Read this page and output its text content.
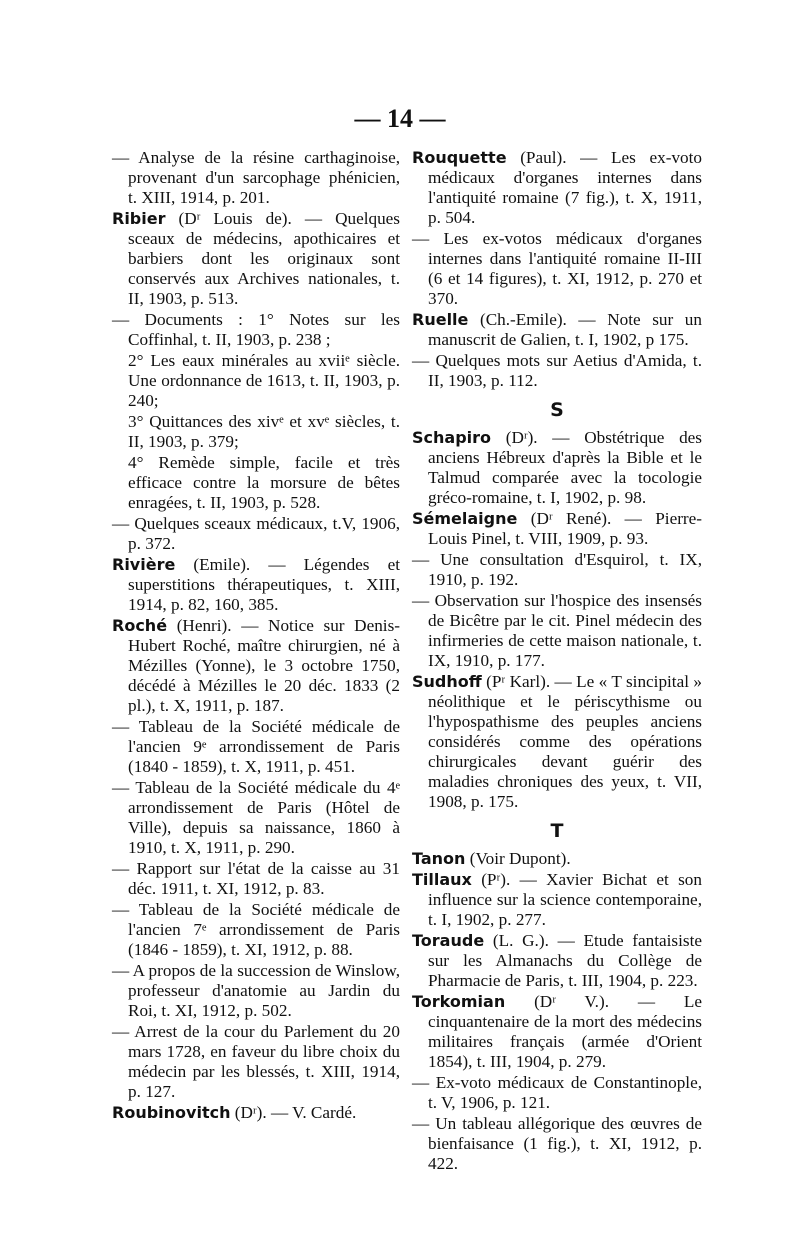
— 14 —

— Analyse de la résine carthaginoise, provenant d'un sarcophage phénicien, t. XIII, 1914, p. 201.

Ribier (Dʳ Louis de). — Quelques sceaux de médecins, apothicaires et barbiers dont les originaux sont conservés aux Archives nationales, t. II, 1903, p. 513.

— Documents : 1° Notes sur les Coffinhal, t. II, 1903, p. 238 ;

2° Les eaux minérales au xviiᵉ siècle. Une ordonnance de 1613, t. II, 1903, p. 240;

3° Quittances des xivᵉ et xvᵉ siècles, t. II, 1903, p. 379;

4° Remède simple, facile et très efficace contre la morsure de bêtes enragées, t. II, 1903, p. 528.

— Quelques sceaux médicaux, t.V, 1906, p. 372.

Rivière (Emile). — Légendes et superstitions thérapeutiques, t. XIII, 1914, p. 82, 160, 385.

Roché (Henri). — Notice sur Denis-Hubert Roché, maître chirurgien, né à Mézilles (Yonne), le 3 octobre 1750, décédé à Mézilles le 20 déc. 1833 (2 pl.), t. X, 1911, p. 187.

— Tableau de la Société médicale de l'ancien 9ᵉ arrondissement de Paris (1840 - 1859), t. X, 1911, p. 451.

— Tableau de la Société médicale du 4ᵉ arrondissement de Paris (Hôtel de Ville), depuis sa naissance, 1860 à 1910, t. X, 1911, p. 290.

— Rapport sur l'état de la caisse au 31 déc. 1911, t. XI, 1912, p. 83.

— Tableau de la Société médicale de l'ancien 7ᵉ arrondissement de Paris (1846 - 1859), t. XI, 1912, p. 88.

— A propos de la succession de Winslow, professeur d'anatomie au Jardin du Roi, t. XI, 1912, p. 502.

— Arrest de la cour du Parlement du 20 mars 1728, en faveur du libre choix du médecin par les blessés, t. XIII, 1914, p. 127.

Roubinovitch (Dʳ). — V. Cardé.

Rouquette (Paul). — Les ex-voto médicaux d'organes internes dans l'antiquité romaine (7 fig.), t. X, 1911, p. 504.

— Les ex-votos médicaux d'organes internes dans l'antiquité romaine II-III (6 et 14 figures), t. XI, 1912, p. 270 et 370.

Ruelle (Ch.-Emile). — Note sur un manuscrit de Galien, t. I, 1902, p 175.

— Quelques mots sur Aetius d'Amida, t. II, 1903, p. 112.

S

Schapiro (Dʳ). — Obstétrique des anciens Hébreux d'après la Bible et le Talmud comparée avec la tocologie gréco-romaine, t. I, 1902, p. 98.

Sémelaigne (Dʳ René). — Pierre-Louis Pinel, t. VIII, 1909, p. 93.

— Une consultation d'Esquirol, t. IX, 1910, p. 192.

— Observation sur l'hospice des insensés de Bicêtre par le cit. Pinel médecin des infirmeries de cette maison nationale, t. IX, 1910, p. 177.

Sudhoff (Pʳ Karl). — Le « T sincipital » néolithique et le périscythisme ou l'hypospathisme des peuples anciens considérés comme des opérations chirurgicales devant guérir des maladies chroniques des yeux, t. VII, 1908, p. 175.

T

Tanon (Voir Dupont).

Tillaux (Pʳ). — Xavier Bichat et son influence sur la science contemporaine, t. I, 1902, p. 277.

Toraude (L. G.). — Etude fantaisiste sur les Almanachs du Collège de Pharmacie de Paris, t. III, 1904, p. 223.

Torkomian (Dʳ V.). — Le cinquantenaire de la mort des médecins militaires français (armée d'Orient 1854), t. III, 1904, p. 279.

— Ex-voto médicaux de Constantinople, t. V, 1906, p. 121.

— Un tableau allégorique des œuvres de bienfaisance (1 fig.), t. XI, 1912, p. 422.
